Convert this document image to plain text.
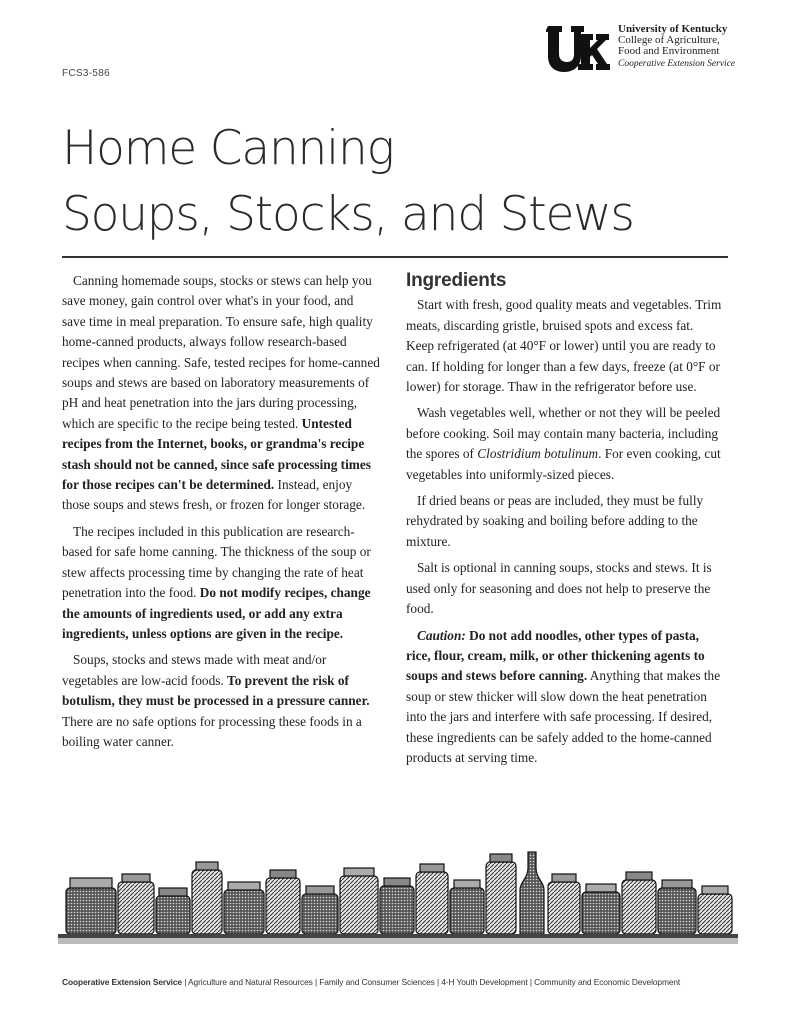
FCS3-586
University of Kentucky
College of Agriculture,
Food and Environment
Cooperative Extension Service
Home Canning
Soups, Stocks, and Stews

Canning homemade soups, stocks or stews can help you save money, gain control over what's in your food, and save time in meal preparation. To ensure safe, high quality home-canned products, always follow research-based recipes when canning. Safe, tested recipes for home-canned soups and stews are based on laboratory measurements of pH and heat penetration into the jars during processing, which are specific to the recipe being tested. Untested recipes from the Internet, books, or grandma's recipe stash should not be canned, since safe processing times for those recipes can't be determined. Instead, enjoy those soups and stews fresh, or frozen for longer storage.

The recipes included in this publication are research-based for safe home canning. The thickness of the soup or stew affects processing time by changing the rate of heat penetration into the food. Do not modify recipes, change the amounts of ingredients used, or add any extra ingredients, unless options are given in the recipe.

Soups, stocks and stews made with meat and/or vegetables are low-acid foods. To prevent the risk of botulism, they must be processed in a pressure canner. There are no safe options for processing these foods in a boiling water canner.

Ingredients

Start with fresh, good quality meats and vegetables. Trim meats, discarding gristle, bruised spots and excess fat. Keep refrigerated (at 40°F or lower) until you are ready to can. If holding for longer than a few days, freeze (at 0°F or lower) for storage. Thaw in the refrigerator before use.

Wash vegetables well, whether or not they will be peeled before cooking. Soil may contain many bacteria, including the spores of Clostridium botulinum. For even cooking, cut vegetables into uniformly-sized pieces.

If dried beans or peas are included, they must be fully rehydrated by soaking and boiling before adding to the mixture.

Salt is optional in canning soups, stocks and stews. It is used only for seasoning and does not help to preserve the food.

Caution: Do not add noodles, other types of pasta, rice, flour, cream, milk, or other thickening agents to soups and stews before canning. Anything that makes the soup or stew thicker will slow down the heat penetration into the jars and interfere with safe processing. If desired, these ingredients can be safely added to the home-canned products at serving time.

Cooperative Extension Service | Agriculture and Natural Resources | Family and Consumer Sciences | 4-H Youth Development | Community and Economic Development
